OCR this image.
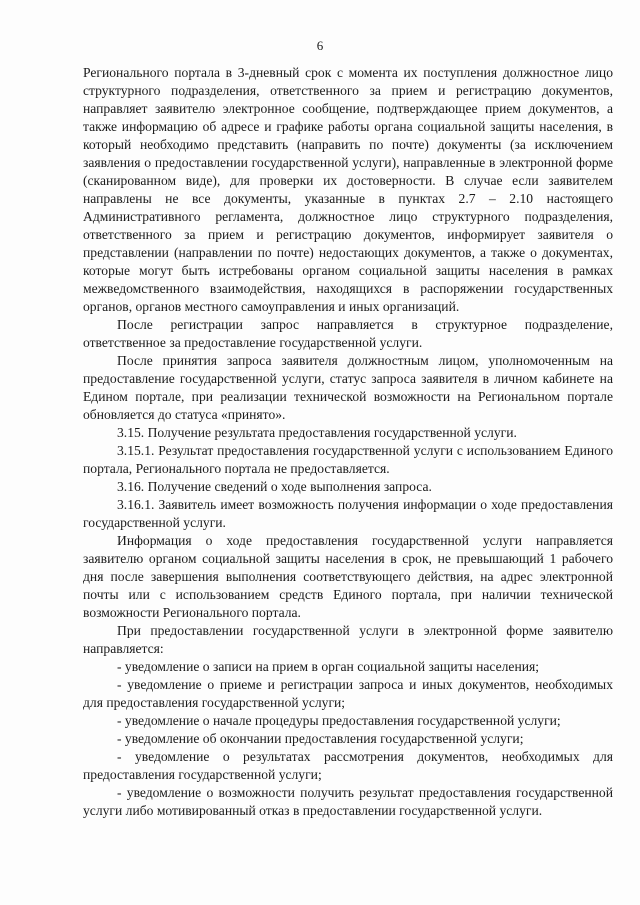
6

Регионального портала в 3-дневный срок с момента их поступления должностное лицо структурного подразделения, ответственного за прием и регистрацию документов, направляет заявителю электронное сообщение, подтверждающее прием документов, а также информацию об адресе и графике работы органа социальной защиты населения, в который необходимо представить (направить по почте) документы (за исключением заявления о предоставлении государственной услуги), направленные в электронной форме (сканированном виде), для проверки их достоверности. В случае если заявителем направлены не все документы, указанные в пунктах 2.7 – 2.10 настоящего Административного регламента, должностное лицо структурного подразделения, ответственного за прием и регистрацию документов, информирует заявителя о представлении (направлении по почте) недостающих документов, а также о документах, которые могут быть истребованы органом социальной защиты населения в рамках межведомственного взаимодействия, находящихся в распоряжении государственных органов, органов местного самоуправления и иных организаций.

После регистрации запрос направляется в структурное подразделение, ответственное за предоставление государственной услуги.

После принятия запроса заявителя должностным лицом, уполномоченным на предоставление государственной услуги, статус запроса заявителя в личном кабинете на Едином портале, при реализации технической возможности на Региональном портале обновляется до статуса «принято».

3.15. Получение результата предоставления государственной услуги.

3.15.1. Результат предоставления государственной услуги с использованием Единого портала, Регионального портала не предоставляется.

3.16. Получение сведений о ходе выполнения запроса.

3.16.1. Заявитель имеет возможность получения информации о ходе предоставления государственной услуги.

Информация о ходе предоставления государственной услуги направляется заявителю органом социальной защиты населения в срок, не превышающий 1 рабочего дня после завершения выполнения соответствующего действия, на адрес электронной почты или с использованием средств Единого портала, при наличии технической возможности Регионального портала.

При предоставлении государственной услуги в электронной форме заявителю направляется:

- уведомление о записи на прием в орган социальной защиты населения;

- уведомление о приеме и регистрации запроса и иных документов, необходимых для предоставления государственной услуги;

- уведомление о начале процедуры предоставления государственной услуги;

- уведомление об окончании предоставления государственной услуги;

- уведомление о результатах рассмотрения документов, необходимых для предоставления государственной услуги;

- уведомление о возможности получить результат предоставления государственной услуги либо мотивированный отказ в предоставлении государственной услуги.
